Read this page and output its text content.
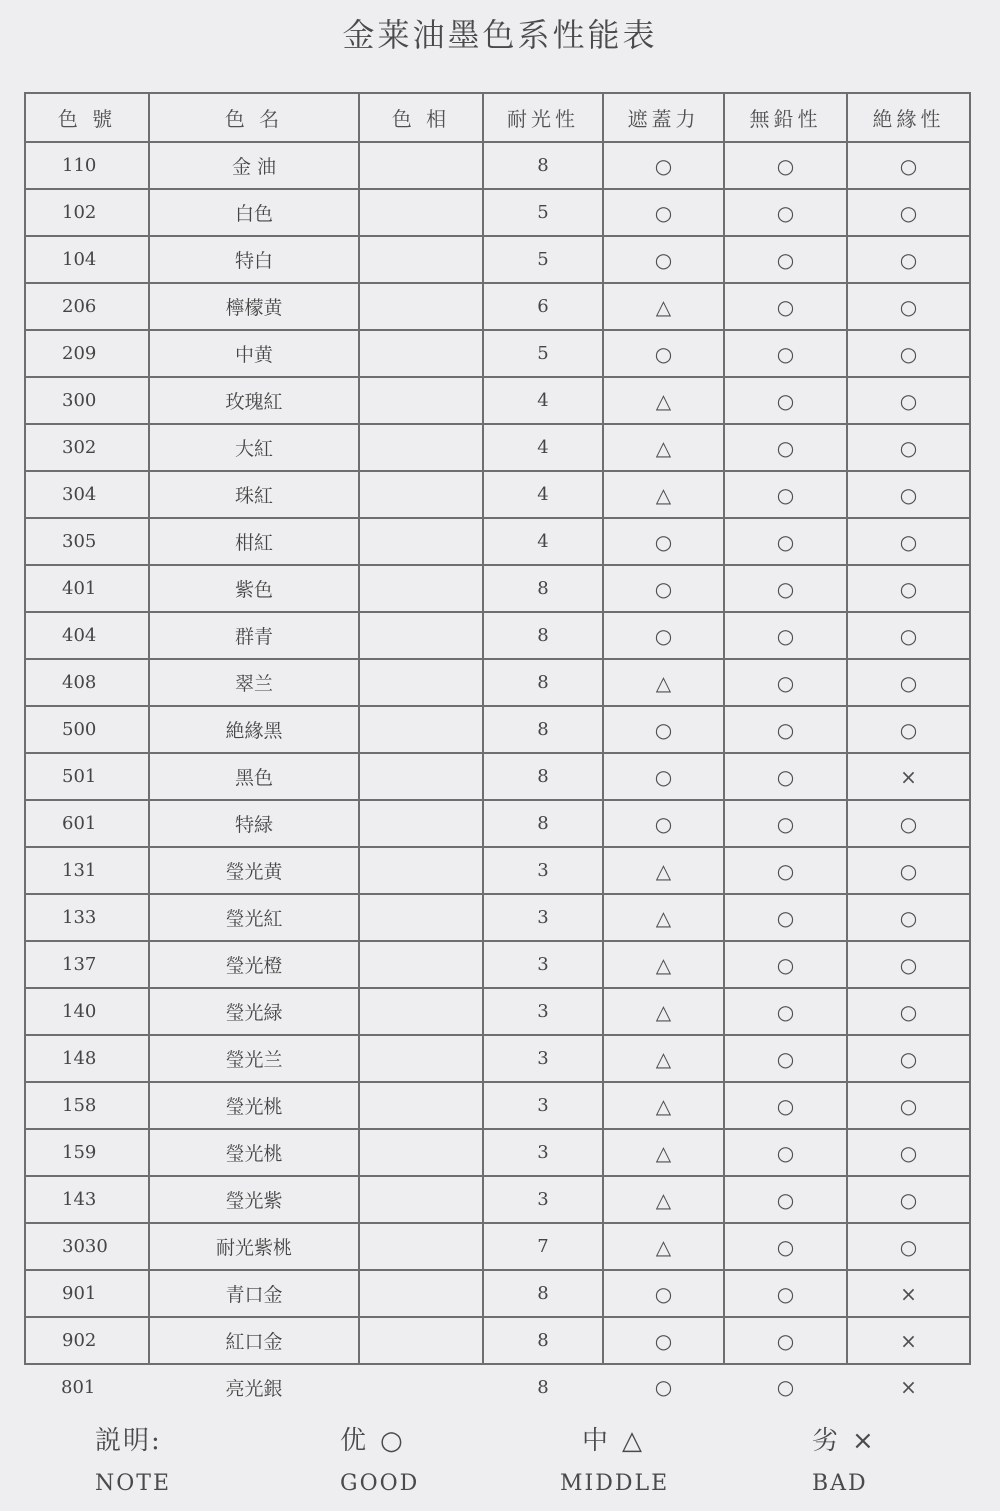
金莱油墨色系性能表
色 號	色 名	色 相	耐光性	遮蓋力	無鉛性	絶緣性
110	金 油		8	○	○	○
102	白色		5	○	○	○
104	特白		5	○	○	○
206	檸檬黄		6	△	○	○
209	中黄		5	○	○	○
300	玫瑰紅		4	△	○	○
302	大紅		4	△	○	○
304	珠紅		4	△	○	○
305	柑紅		4	○	○	○
401	紫色		8	○	○	○
404	群青		8	○	○	○
408	翠兰		8	△	○	○
500	絶緣黑		8	○	○	○
501	黑色		8	○	○	×
601	特緑		8	○	○	○
131	瑩光黄		3	△	○	○
133	瑩光紅		3	△	○	○
137	瑩光橙		3	△	○	○
140	瑩光緑		3	△	○	○
148	瑩光兰		3	△	○	○
158	瑩光桃		3	△	○	○
159	瑩光桃		3	△	○	○
143	瑩光紫		3	△	○	○
3030	耐光紫桃		7	△	○	○
901	青口金		8	○	○	×
902	紅口金		8	○	○	×
801	亮光銀		8	○	○	×
説明:
NOTE
优 ○
GOOD
中 △
MIDDLE
劣 ×
BAD
